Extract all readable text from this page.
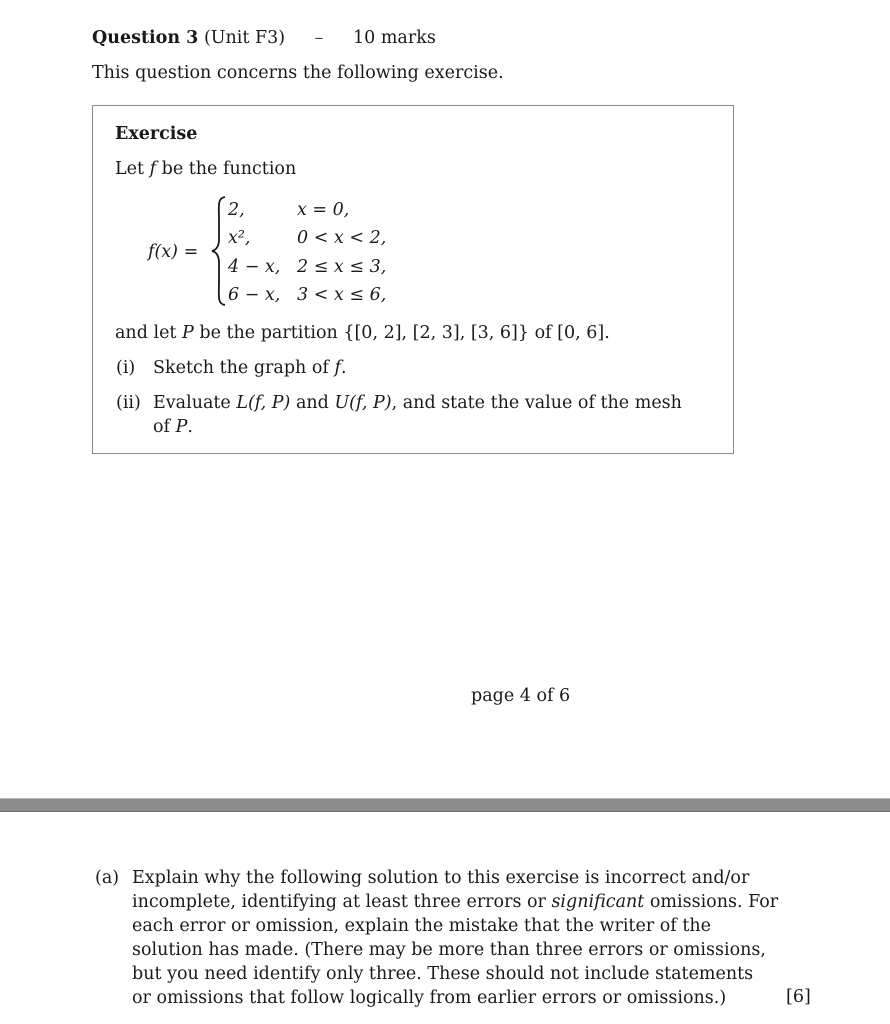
Question 3 (Unit F3) – 10 marks
This question concerns the following exercise.
Exercise
Let f be the function
f(x) =
2,	x = 0,
x²,	0 < x < 2,
4 − x, 2 ≤ x ≤ 3,
6 − x, 3 < x ≤ 6,
and let P be the partition {[0, 2], [2, 3], [3, 6]} of [0, 6].
(i) Sketch the graph of f.
(ii) Evaluate L(f, P) and U(f, P), and state the value of the mesh
of P.
page 4 of 6
(a) Explain why the following solution to this exercise is incorrect and/or
incomplete, identifying at least three errors or significant omissions. For
each error or omission, explain the mistake that the writer of the
solution has made. (There may be more than three errors or omissions,
but you need identify only three. These should not include statements
or omissions that follow logically from earlier errors or omissions.)	[6]
